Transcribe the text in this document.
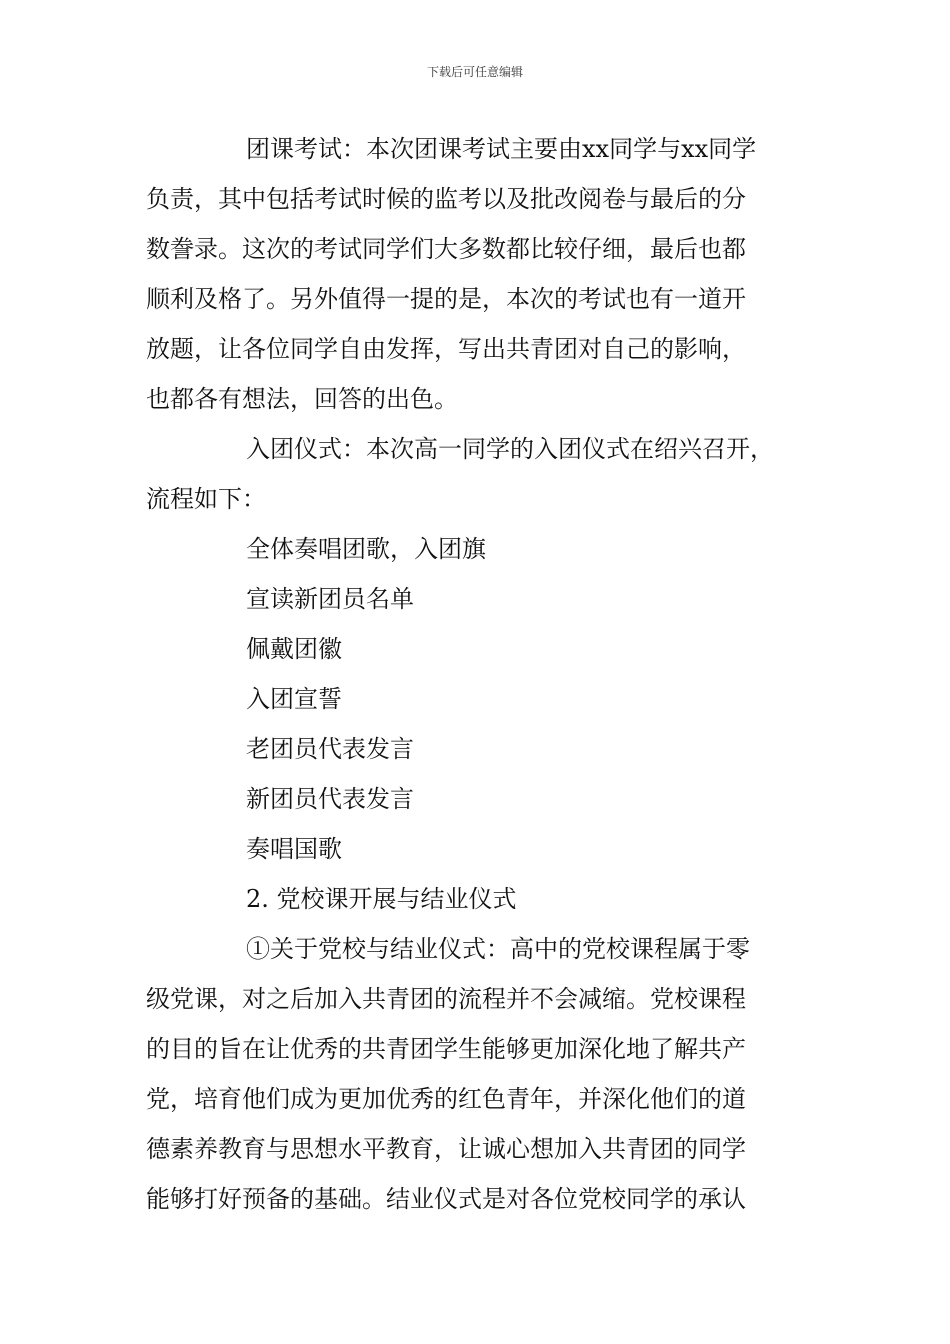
下载后可任意编辑
团课考试：本次团课考试主要由xx同学与xx同学
负责，其中包括考试时候的监考以及批改阅卷与最后的分
数誊录。这次的考试同学们大多数都比较仔细，最后也都
顺利及格了。另外值得一提的是，本次的考试也有一道开
放题，让各位同学自由发挥，写出共青团对自己的影响，
也都各有想法，回答的出色。
入团仪式：本次高一同学的入团仪式在绍兴召开，
流程如下：
全体奏唱团歌，入团旗
宣读新团员名单
佩戴团徽
入团宣誓
老团员代表发言
新团员代表发言
奏唱国歌
2. 党校课开展与结业仪式
①关于党校与结业仪式：高中的党校课程属于零
级党课，对之后加入共青团的流程并不会减缩。党校课程
的目的旨在让优秀的共青团学生能够更加深化地了解共产
党，培育他们成为更加优秀的红色青年，并深化他们的道
德素养教育与思想水平教育，让诚心想加入共青团的同学
能够打好预备的基础。结业仪式是对各位党校同学的承认
